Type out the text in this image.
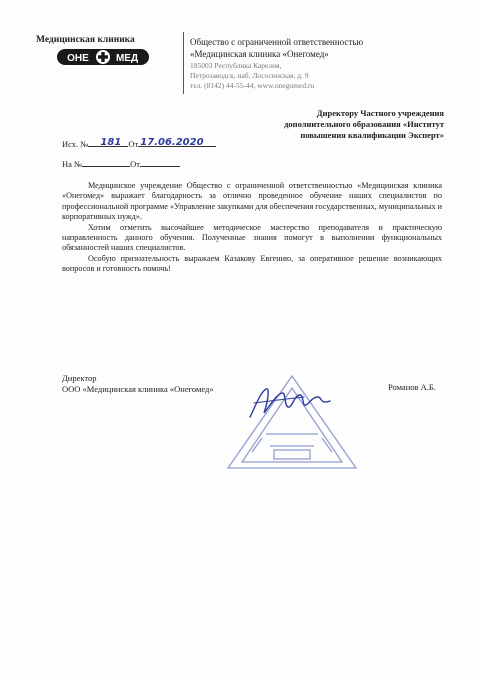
Медицинская клиника
ОНЕ	МЕД
Общество с ограниченной ответственностью
«Медицинская клиника «Онегомед»
185003 Республика Карелия,
Петрозаводск, наб. Лососинская, д. 9
тел. (8142) 44-55-44, www.onegomed.ru
Директору Частного учреждения
дополнительного образования «Институт
повышения квалификации Эксперт»
Исх. № 181 От 17.06.2020
На №	От

Медицинское учреждение Общество с ограниченной ответственностью «Медицинская клиника «Онегомед» выражает благодарность за отлично проведенное обучение наших специалистов по профессиональной программе «Управление закупками для обеспечения государственных, муниципальных и корпоративных нужд».

Хотим отметить высочайшее методическое мастерство преподавателя и практическую направленность данного обучения. Полученные знания помогут в выполнении функциональных обязанностей наших специалистов.

Особую признательность выражаем Казакову Евгению, за оперативное решение возникающих вопросов и готовность помочь!

Директор
ООО «Медицинская клиника «Онегомед»	Романов А.Б.
